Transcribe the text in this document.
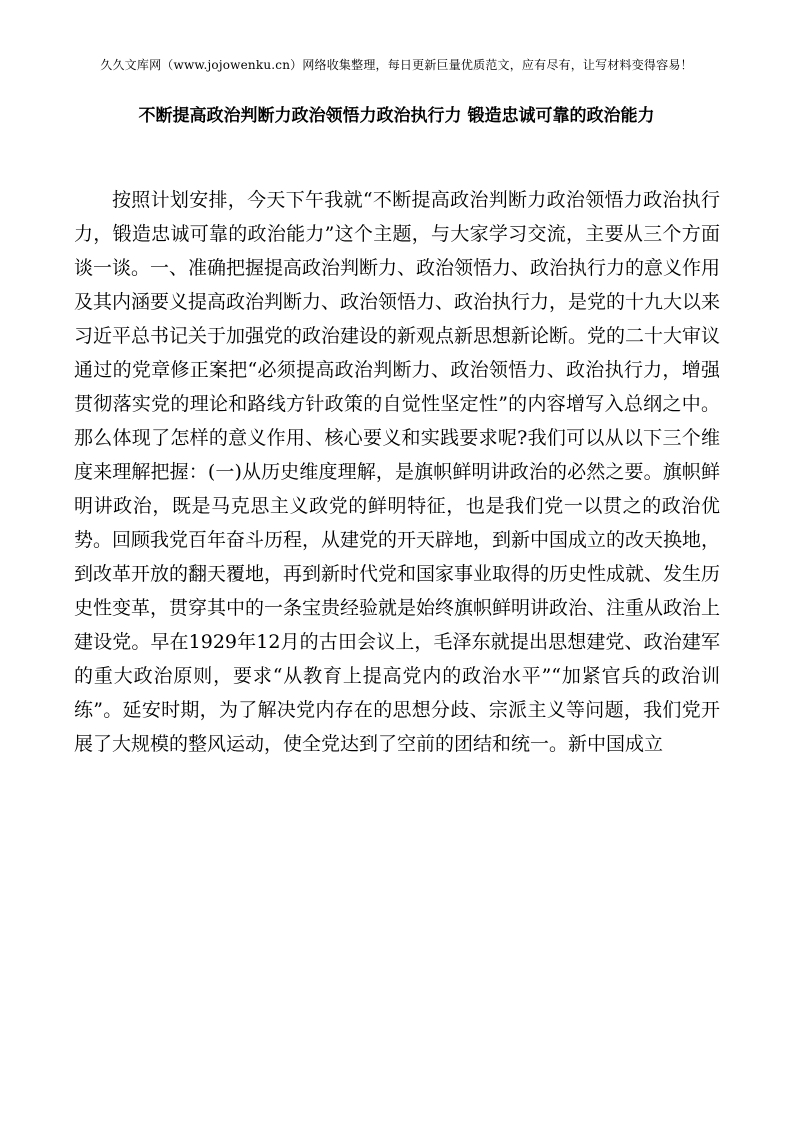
久久文库网（www.jojowenku.cn）网络收集整理，每日更新巨量优质范文，应有尽有，让写材料变得容易！
不断提高政治判断力政治领悟力政治执行力 锻造忠诚可靠的政治能力

按照计划安排，今天下午我就“不断提高政治判断力政治领悟力政治执行力，锻造忠诚可靠的政治能力”这个主题，与大家学习交流，主要从三个方面谈一谈。一、准确把握提高政治判断力、政治领悟力、政治执行力的意义作用及其内涵要义提高政治判断力、政治领悟力、政治执行力，是党的十九大以来习近平总书记关于加强党的政治建设的新观点新思想新论断。党的二十大审议通过的党章修正案把“必须提高政治判断力、政治领悟力、政治执行力，增强贯彻落实党的理论和路线方针政策的自觉性坚定性”的内容增写入总纲之中。那么体现了怎样的意义作用、核心要义和实践要求呢?我们可以从以下三个维度来理解把握：(一)从历史维度理解，是旗帜鲜明讲政治的必然之要。旗帜鲜明讲政治，既是马克思主义政党的鲜明特征，也是我们党一以贯之的政治优势。回顾我党百年奋斗历程，从建党的开天辟地，到新中国成立的改天换地，到改革开放的翻天覆地，再到新时代党和国家事业取得的历史性成就、发生历史性变革，贯穿其中的一条宝贵经验就是始终旗帜鲜明讲政治、注重从政治上建设党。早在1929年12月的古田会议上，毛泽东就提出思想建党、政治建军的重大政治原则，要求“从教育上提高党内的政治水平”“加紧官兵的政治训练”。延安时期，为了解决党内存在的思想分歧、宗派主义等问题，我们党开展了大规模的整风运动，使全党达到了空前的团结和统一。新中国成立
